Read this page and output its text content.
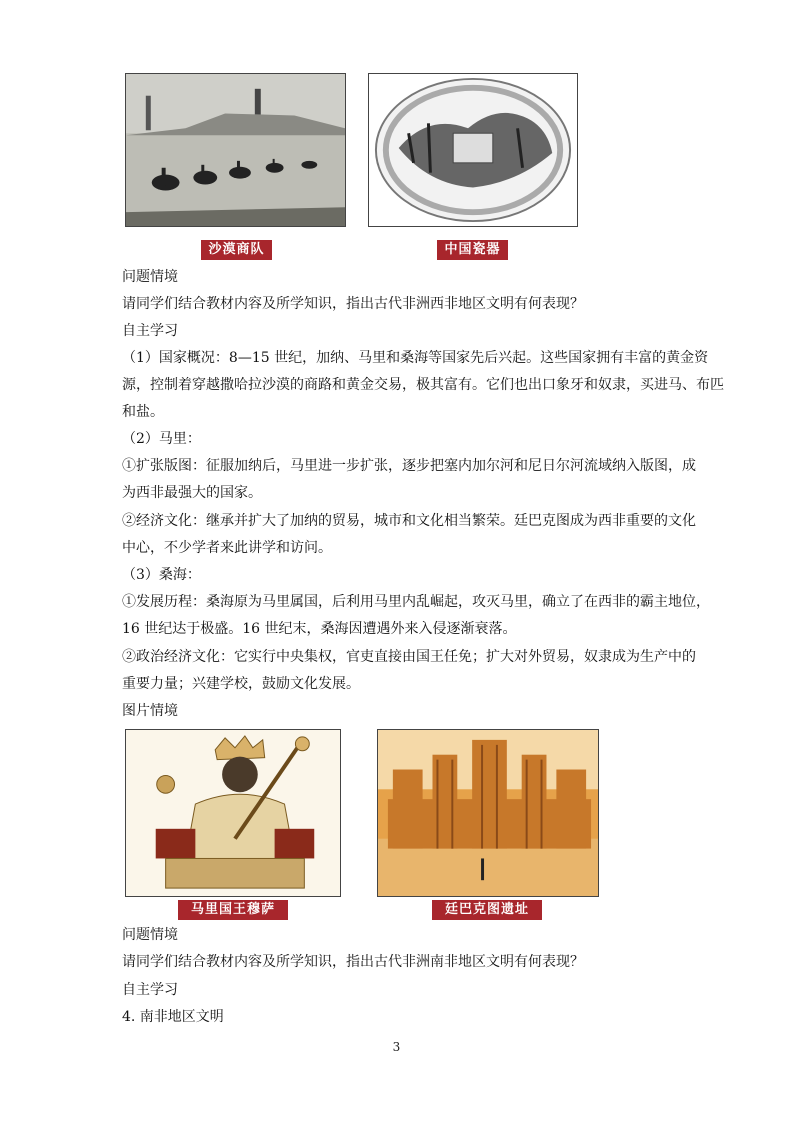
沙漠商队	中国瓷器
问题情境
请同学们结合教材内容及所学知识，指出古代非洲西非地区文明有何表现？
自主学习
（1）国家概况：8—15 世纪，加纳、马里和桑海等国家先后兴起。这些国家拥有丰富的黄金资
源，控制着穿越撒哈拉沙漠的商路和黄金交易，极其富有。它们也出口象牙和奴隶，买进马、布匹
和盐。
（2）马里：
①扩张版图：征服加纳后，马里进一步扩张，逐步把塞内加尔河和尼日尔河流域纳入版图，成
为西非最强大的国家。
②经济文化：继承并扩大了加纳的贸易，城市和文化相当繁荣。廷巴克图成为西非重要的文化
中心，不少学者来此讲学和访问。
（3）桑海：
①发展历程：桑海原为马里属国，后利用马里内乱崛起，攻灭马里，确立了在西非的霸主地位，
16 世纪达于极盛。16 世纪末，桑海因遭遇外来入侵逐渐衰落。
②政治经济文化：它实行中央集权，官吏直接由国王任免；扩大对外贸易，奴隶成为生产中的
重要力量；兴建学校，鼓励文化发展。
图片情境
马里国王穆萨	廷巴克图遗址
问题情境
请同学们结合教材内容及所学知识，指出古代非洲南非地区文明有何表现？
自主学习
4. 南非地区文明
3
